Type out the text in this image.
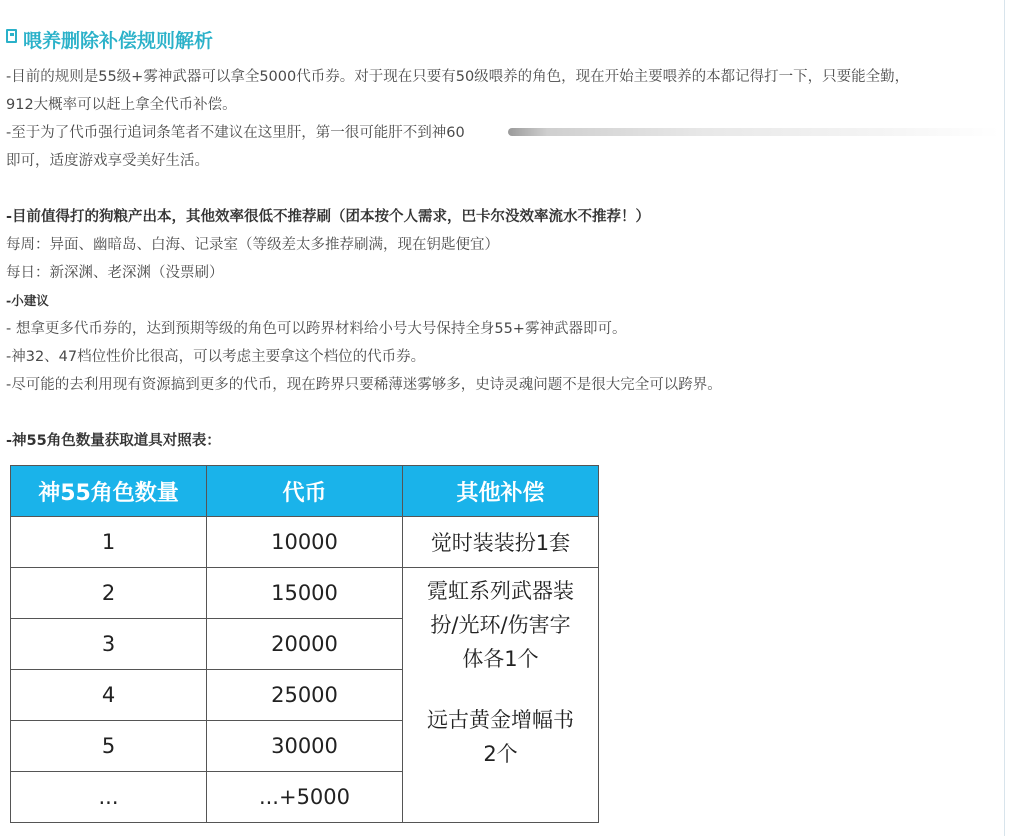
喂养删除补偿规则解析
-目前的规则是55级+雾神武器可以拿全5000代币券。对于现在只要有50级喂养的角色，现在开始主要喂养的本都记得打一下，只要能全勤，
912大概率可以赶上拿全代币补偿。
-至于为了代币强行追词条笔者不建议在这里肝，第一很可能肝不到神60
即可，适度游戏享受美好生活。
-目前值得打的狗粮产出本，其他效率很低不推荐刷（团本按个人需求，巴卡尔没效率流水不推荐！）
每周：异面、幽暗岛、白海、记录室（等级差太多推荐刷满，现在钥匙便宜）
每日：新深渊、老深渊（没票刷）
-小建议
- 想拿更多代币券的，达到预期等级的角色可以跨界材料给小号大号保持全身55+雾神武器即可。
-神32、47档位性价比很高，可以考虑主要拿这个档位的代币券。
-尽可能的去利用现有资源搞到更多的代币，现在跨界只要稀薄迷雾够多，史诗灵魂问题不是很大完全可以跨界。
-神55角色数量获取道具对照表：
神55角色数量	代币	其他补偿
1	10000	觉时装装扮1套
2	15000	霓虹系列武器装
扮/光环/伤害字
体各1个
远古黄金增幅书
2个

3	20000	
4	25000	
5	30000	
...	...+5000	
